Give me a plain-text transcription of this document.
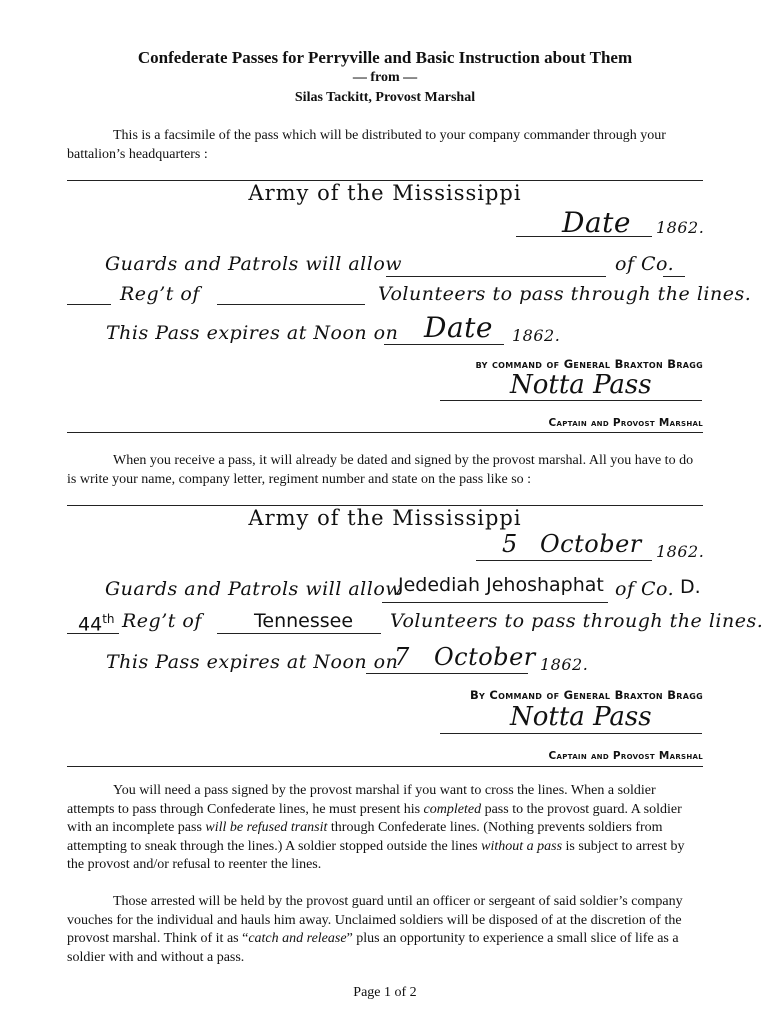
Confederate Passes for Perryville and Basic Instruction about Them
— from —
Silas Tackitt, Provost Marshal
This is a facsimile of the pass which will be distributed to your company commander through your battalion’s headquarters :
Army of the Mississippi
Date 1862.
Guards and Patrols will allow	of Co.
Reg’t of	Volunteers to pass through the lines.
This Pass expires at Noon on Date 1862.
by command of General Braxton Bragg
Notta Pass
Captain and Provost Marshal
When you receive a pass, it will already be dated and signed by the provost marshal. All you have to do is write your name, company letter, regiment number and state on the pass like so :
Army of the Mississippi
5 October 1862.
Guards and Patrols will allow
Jedediah Jehoshaphat of Co. D.
44th Reg’t of	Tennessee Volunteers to pass through the lines.
This Pass expires at Noon on
7 October 1862.
By Command of General Braxton Bragg
Notta Pass
Captain and Provost Marshal
You will need a pass signed by the provost marshal if you want to cross the lines. When a soldier attempts to pass through Confederate lines, he must present his completed pass to the provost guard. A soldier with an incomplete pass will be refused transit through Confederate lines. (Nothing prevents soldiers from attempting to sneak through the lines.) A soldier stopped outside the lines without a pass is subject to arrest by the provost and/or refusal to reenter the lines.
Those arrested will be held by the provost guard until an officer or sergeant of said soldier’s company vouches for the individual and hauls him away. Unclaimed soldiers will be disposed of at the discretion of the provost marshal. Think of it as “catch and release” plus an opportunity to experience a small slice of life as a soldier with and without a pass.
Page 1 of 2
